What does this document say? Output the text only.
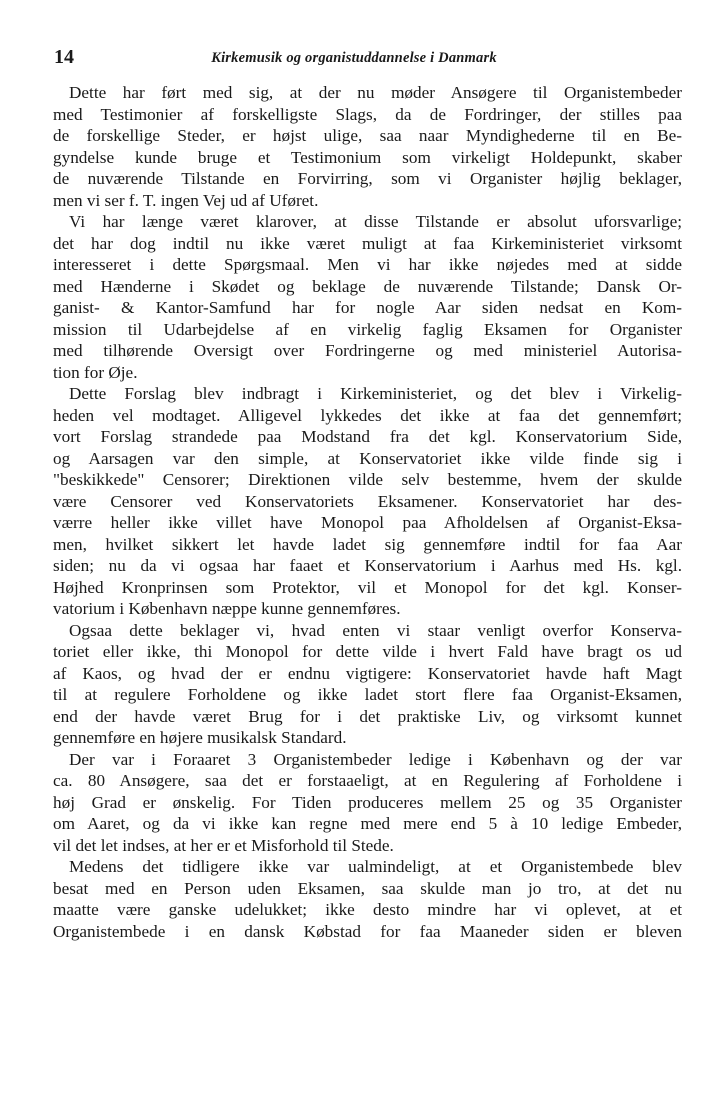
14	Kirkemusik og organistuddannelse i Danmark
Dette har ført med sig, at der nu møder Ansøgere til Organistembeder
med Testimonier af forskelligste Slags, da de Fordringer, der stilles paa
de forskellige Steder, er højst ulige, saa naar Myndighederne til en Be-
gyndelse kunde bruge et Testimonium som virkeligt Holdepunkt, skaber
de nuværende Tilstande en Forvirring, som vi Organister højlig beklager,
men vi ser f. T. ingen Vej ud af Uføret.
Vi har længe været klarover, at disse Tilstande er absolut uforsvarlige;
det har dog indtil nu ikke været muligt at faa Kirkeministeriet virksomt
interesseret i dette Spørgsmaal. Men vi har ikke nøjedes med at sidde
med Hænderne i Skødet og beklage de nuværende Tilstande; Dansk Or-
ganist- & Kantor-Samfund har for nogle Aar siden nedsat en Kom-
mission til Udarbejdelse af en virkelig faglig Eksamen for Organister
med tilhørende Oversigt over Fordringerne og med ministeriel Autorisa-
tion for Øje.
Dette Forslag blev indbragt i Kirkeministeriet, og det blev i Virkelig-
heden vel modtaget. Alligevel lykkedes det ikke at faa det gennemført;
vort Forslag strandede paa Modstand fra det kgl. Konservatorium Side,
og Aarsagen var den simple, at Konservatoriet ikke vilde finde sig i
"beskikkede" Censorer; Direktionen vilde selv bestemme, hvem der skulde
være Censorer ved Konservatoriets Eksamener. Konservatoriet har des-
værre heller ikke villet have Monopol paa Afholdelsen af Organist-Eksa-
men, hvilket sikkert let havde ladet sig gennemføre indtil for faa Aar
siden; nu da vi ogsaa har faaet et Konservatorium i Aarhus med Hs. kgl.
Højhed Kronprinsen som Protektor, vil et Monopol for det kgl. Konser-
vatorium i København næppe kunne gennemføres.
Ogsaa dette beklager vi, hvad enten vi staar venligt overfor Konserva-
toriet eller ikke, thi Monopol for dette vilde i hvert Fald have bragt os ud
af Kaos, og hvad der er endnu vigtigere: Konservatoriet havde haft Magt
til at regulere Forholdene og ikke ladet stort flere faa Organist-Eksamen,
end der havde været Brug for i det praktiske Liv, og virksomt kunnet
gennemføre en højere musikalsk Standard.
Der var i Foraaret 3 Organistembeder ledige i København og der var
ca. 80 Ansøgere, saa det er forstaaeligt, at en Regulering af Forholdene i
høj Grad er ønskelig. For Tiden produceres mellem 25 og 35 Organister
om Aaret, og da vi ikke kan regne med mere end 5 à 10 ledige Embeder,
vil det let indses, at her er et Misforhold til Stede.
Medens det tidligere ikke var ualmindeligt, at et Organistembede blev
besat med en Person uden Eksamen, saa skulde man jo tro, at det nu
maatte være ganske udelukket; ikke desto mindre har vi oplevet, at et
Organistembede i en dansk Købstad for faa Maaneder siden er bleven
